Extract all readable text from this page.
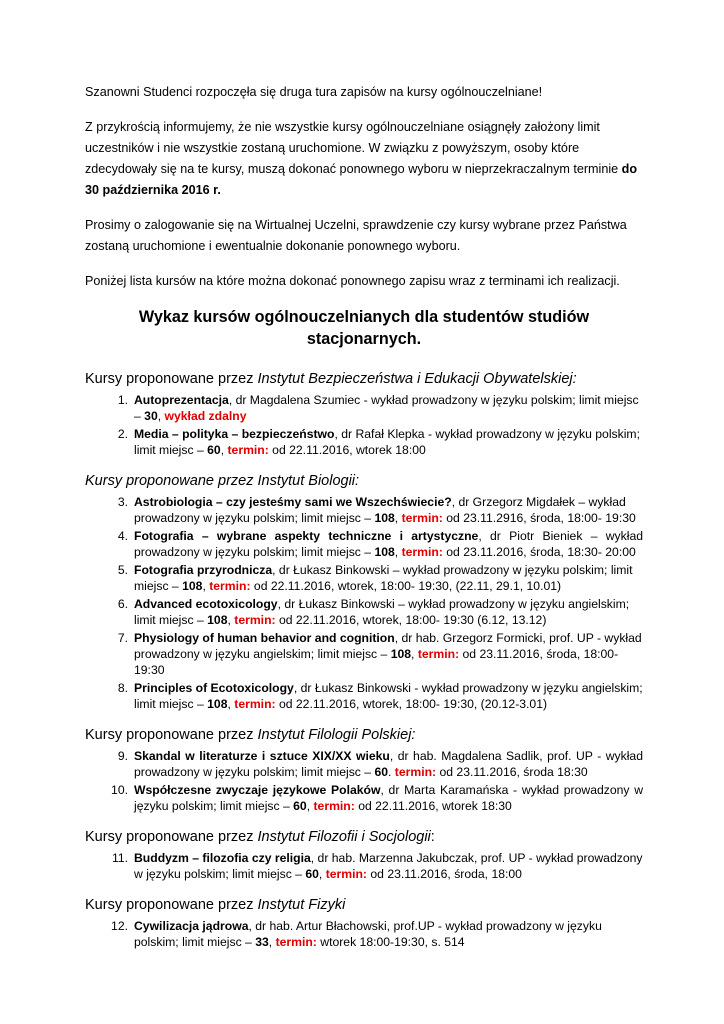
Szanowni Studenci rozpoczęła się druga tura zapisów na kursy ogólnouczelniane!

Z przykrością informujemy, że nie wszystkie kursy ogólnouczelniane osiągnęły założony limit uczestników i nie wszystkie zostaną uruchomione. W związku z powyższym, osoby które zdecydowały się na te kursy, muszą dokonać ponownego wyboru w nieprzekraczalnym terminie do 30 października 2016 r.

Prosimy o zalogowanie się na Wirtualnej Uczelni, sprawdzenie czy kursy wybrane przez Państwa zostaną uruchomione i ewentualnie dokonanie ponownego wyboru.

Poniżej lista kursów na które można dokonać ponownego zapisu wraz z terminami ich realizacji.

Wykaz kursów ogólnouczelnianych dla studentów studiów stacjonarnych.
Kursy proponowane przez Instytut Bezpieczeństwa i Edukacji Obywatelskiej:
1. Autoprezentacja, dr Magdalena Szumiec - wykład prowadzony w języku polskim; limit miejsc – 30, wykład zdalny
2. Media – polityka – bezpieczeństwo, dr Rafał Klepka - wykład prowadzony w języku polskim; limit miejsc – 60, termin: od 22.11.2016, wtorek 18:00
Kursy proponowane przez Instytut Biologii:
3. Astrobiologia – czy jesteśmy sami we Wszechświecie?, dr Grzegorz Migdałek – wykład prowadzony w języku polskim; limit miejsc – 108, termin: od 23.11.2916, środa, 18:00- 19:30
4. Fotografia – wybrane aspekty techniczne i artystyczne, dr Piotr Bieniek – wykład prowadzony w języku polskim; limit miejsc – 108, termin: od 23.11.2016, środa, 18:30- 20:00
5. Fotografia przyrodnicza, dr Łukasz Binkowski – wykład prowadzony w języku polskim; limit miejsc – 108, termin: od 22.11.2016, wtorek, 18:00- 19:30, (22.11, 29.1, 10.01)
6. Advanced ecotoxicology, dr Łukasz Binkowski – wykład prowadzony w języku angielskim; limit miejsc – 108, termin: od 22.11.2016, wtorek, 18:00- 19:30 (6.12, 13.12)
7. Physiology of human behavior and cognition, dr hab. Grzegorz Formicki, prof. UP - wykład prowadzony w języku angielskim; limit miejsc – 108, termin: od 23.11.2016, środa, 18:00-19:30
8. Principles of Ecotoxicology, dr Łukasz Binkowski - wykład prowadzony w języku angielskim; limit miejsc – 108, termin: od 22.11.2016, wtorek, 18:00- 19:30, (20.12-3.01)
Kursy proponowane przez Instytut Filologii Polskiej:
9. Skandal w literaturze i sztuce XIX/XX wieku, dr hab. Magdalena Sadlik, prof. UP - wykład prowadzony w języku polskim; limit miejsc – 60. termin: od 23.11.2016, środa 18:30
10. Współczesne zwyczaje językowe Polaków, dr Marta Karamańska - wykład prowadzony w języku polskim; limit miejsc – 60, termin: od 22.11.2016, wtorek 18:30
Kursy proponowane przez Instytut Filozofii i Socjologii:
11. Buddyzm – filozofia czy religia, dr hab. Marzenna Jakubczak, prof. UP - wykład prowadzony w języku polskim; limit miejsc – 60, termin: od 23.11.2016, środa, 18:00
Kursy proponowane przez Instytut Fizyki
12. Cywilizacja jądrowa, dr hab. Artur Błachowski, prof.UP - wykład prowadzony w języku polskim; limit miejsc – 33, termin: wtorek 18:00-19:30, s. 514
